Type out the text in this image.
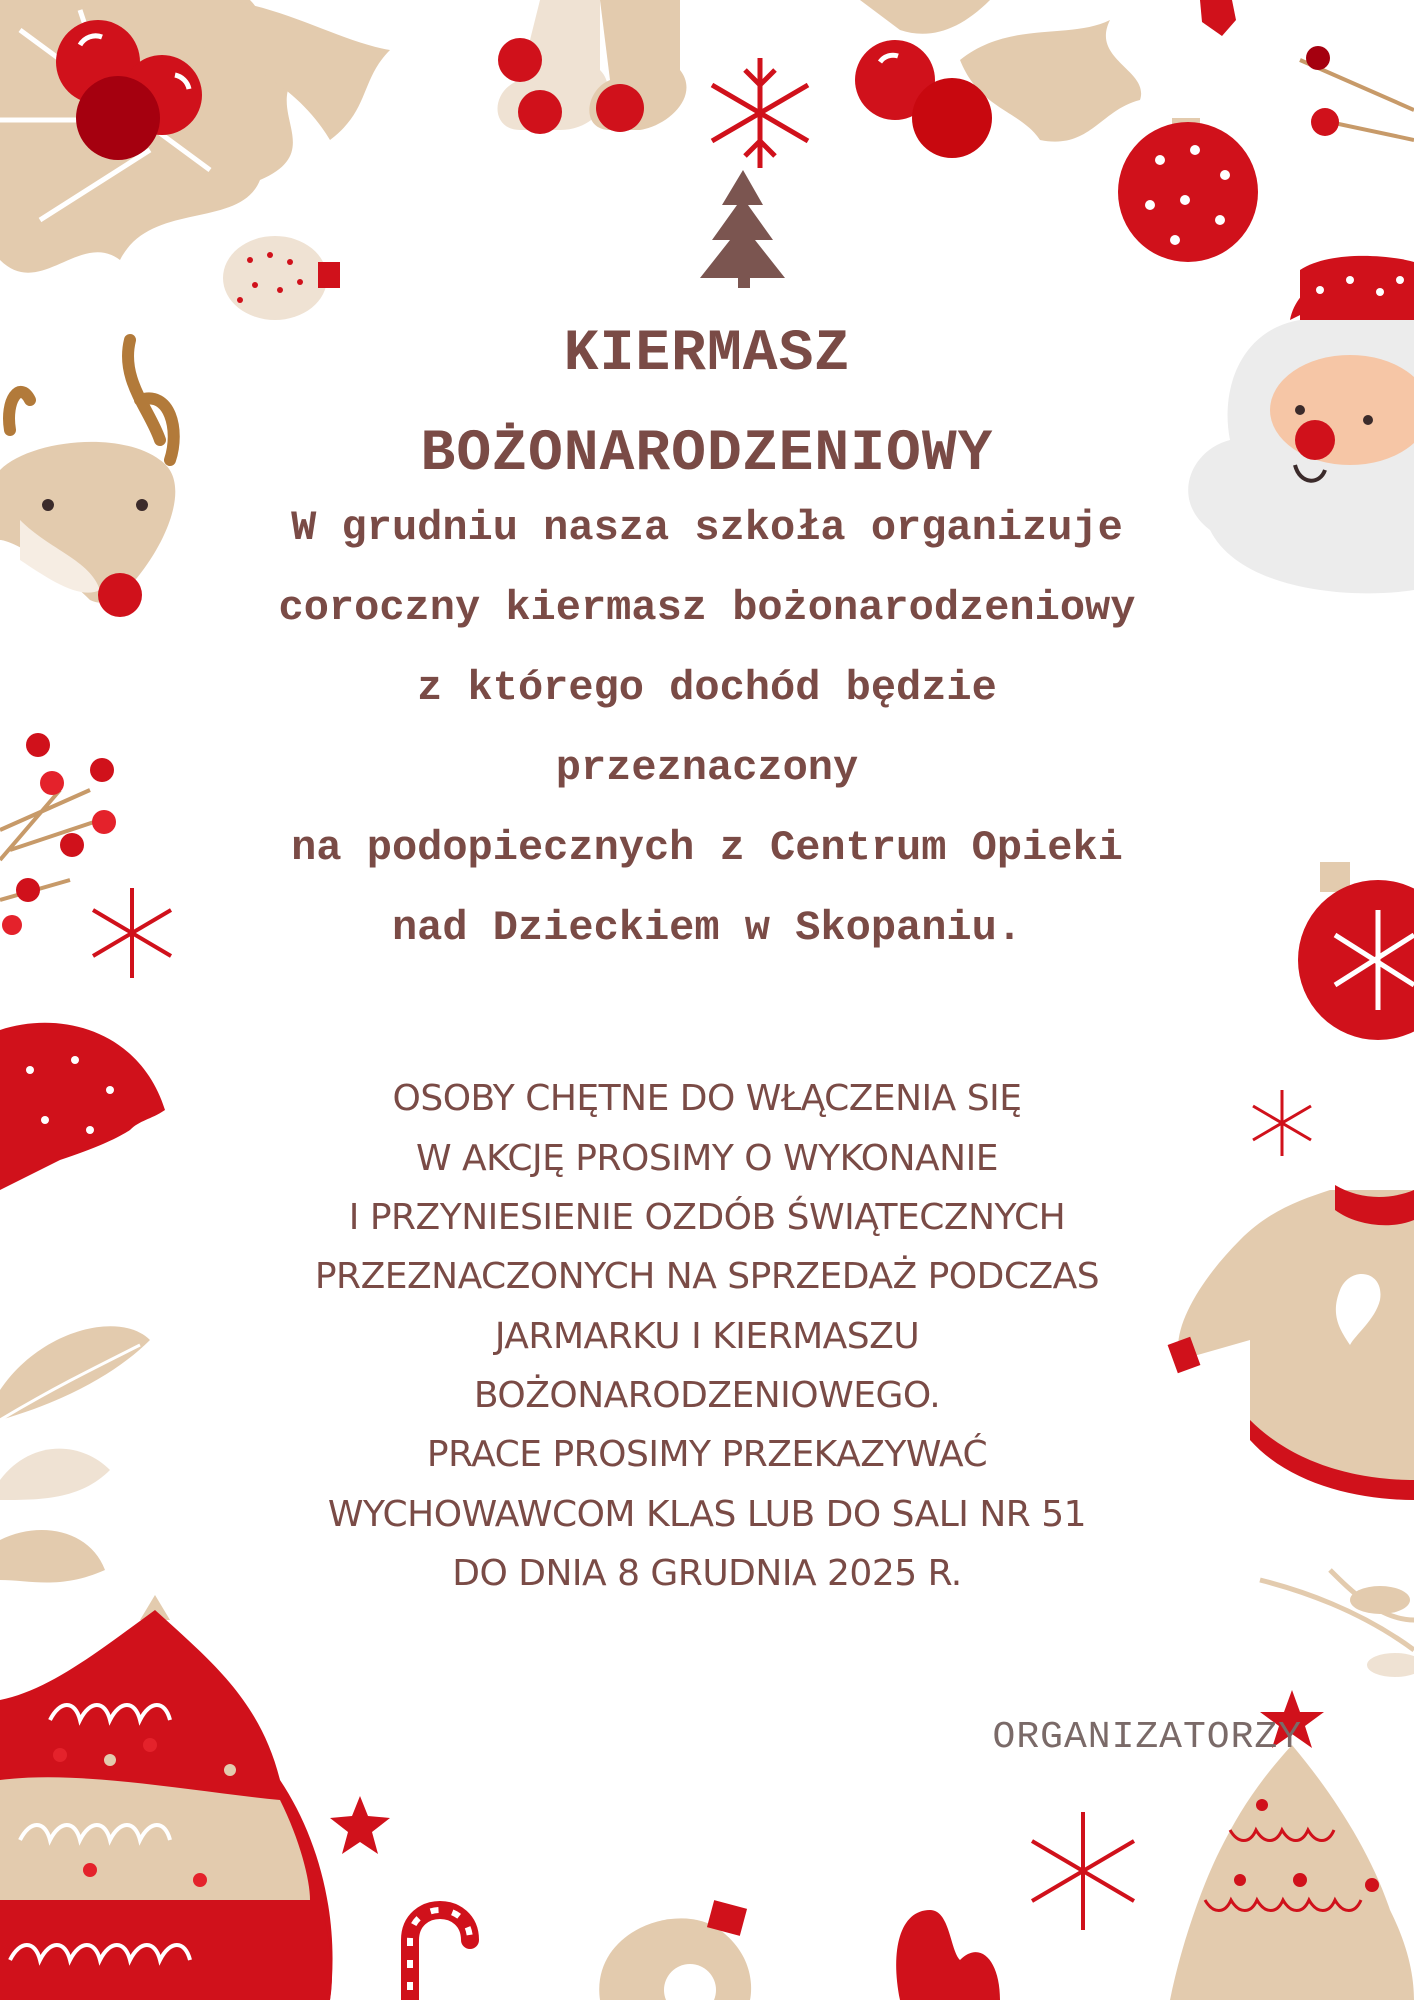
KIERMASZ
BOŻONARODZENIOWY
W grudniu nasza szkoła organizuje
coroczny kiermasz bożonarodzeniowy
z którego dochód będzie
przeznaczony
na podopiecznych z Centrum Opieki
nad Dzieckiem w Skopaniu.
OSOBY CHĘTNE DO WŁĄCZENIA SIĘ
W AKCJĘ PROSIMY O WYKONANIE
I PRZYNIESIENIE OZDÓB ŚWIĄTECZNYCH
PRZEZNACZONYCH NA SPRZEDAŻ PODCZAS
JARMARKU I KIERMASZU
BOŻONARODZENIOWEGO.
PRACE PROSIMY PRZEKAZYWAĆ
WYCHOWAWCOM KLAS LUB DO SALI NR 51
DO DNIA 8 GRUDNIA 2025 R.
ORGANIZATORZY
